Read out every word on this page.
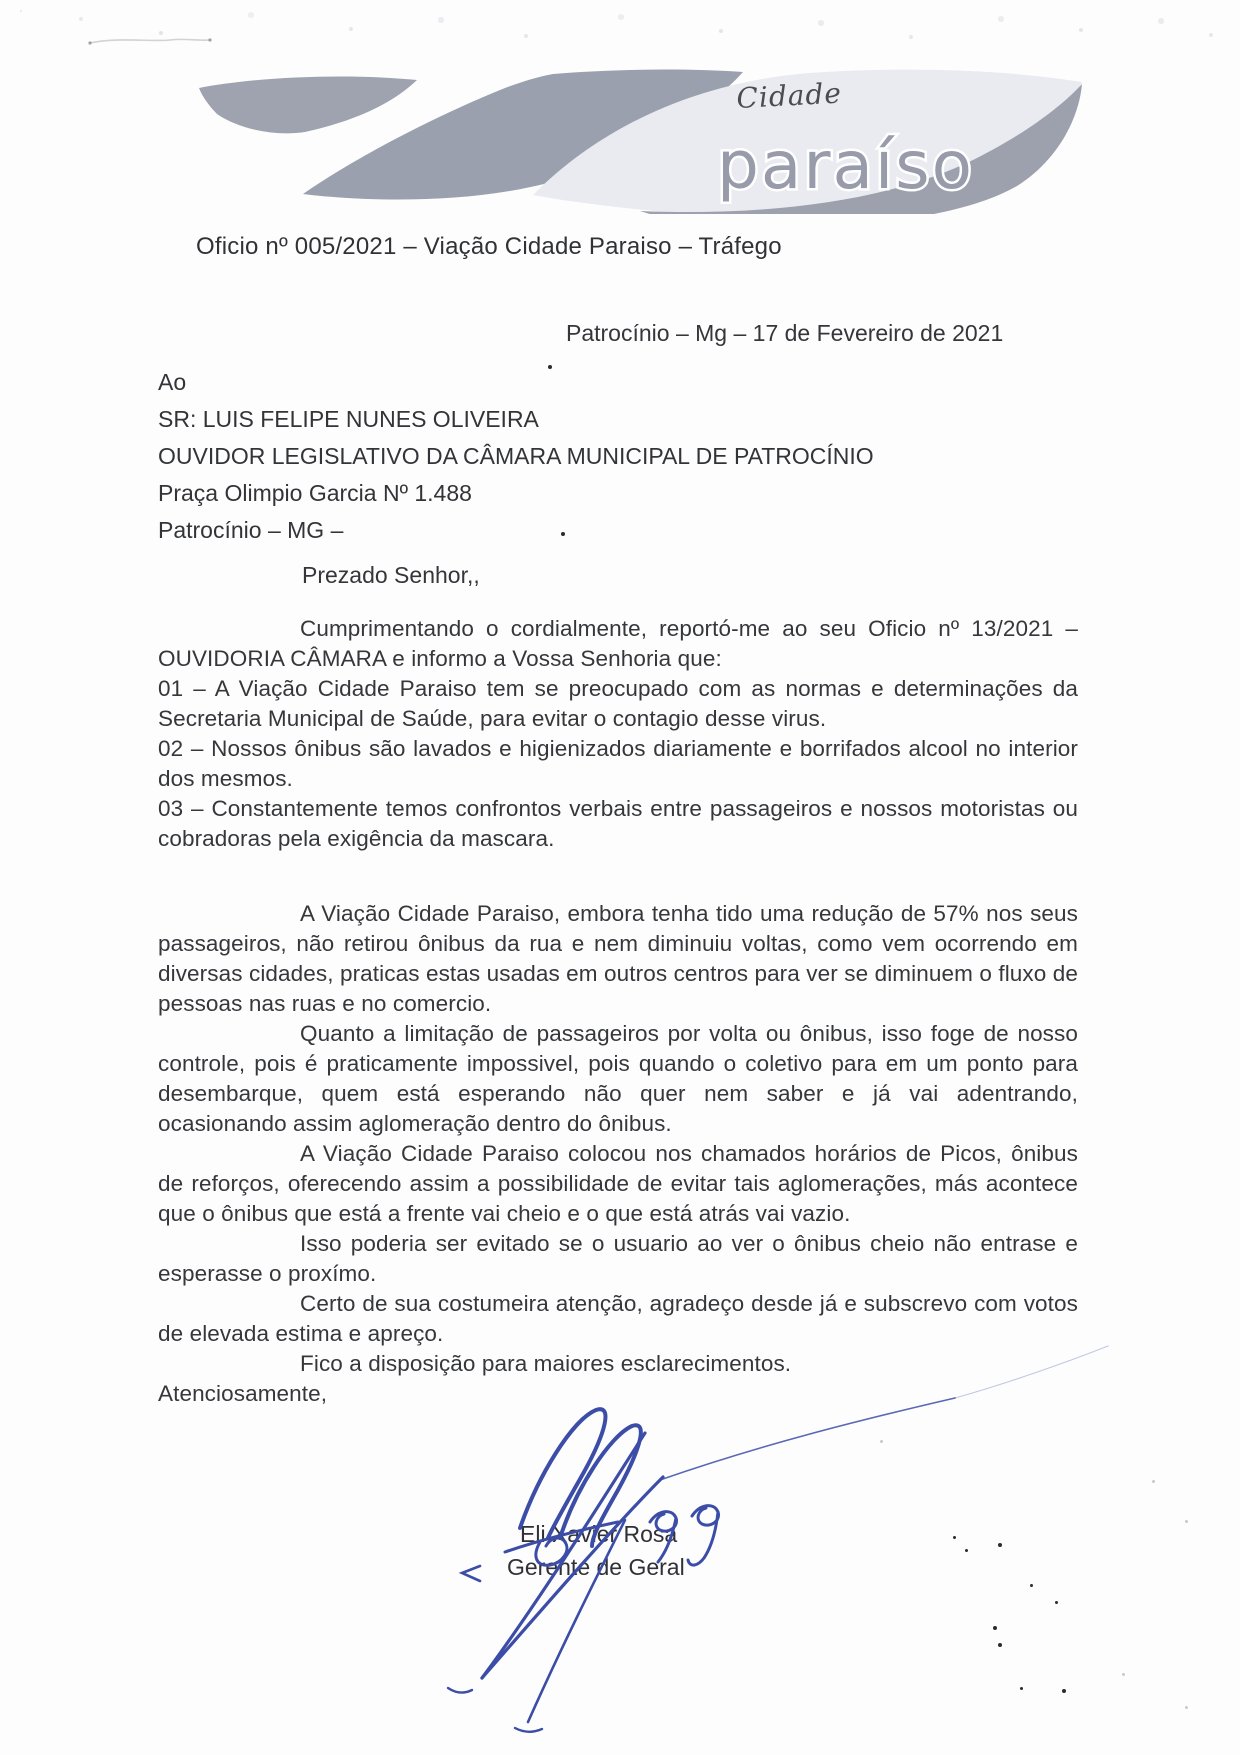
Cidade
paraíso
Oficio nº 005/2021 – Viação Cidade Paraiso – Tráfego
Patrocínio – Mg – 17 de Fevereiro de 2021
Ao
SR: LUIS FELIPE NUNES OLIVEIRA
OUVIDOR LEGISLATIVO DA CÂMARA MUNICIPAL DE PATROCÍNIO
Praça Olimpio Garcia Nº 1.488
Patrocínio – MG –
Prezado Senhor,,

Cumprimentando o cordialmente, reportó-me ao seu Oficio nº 13/2021 – OUVIDORIA CÂMARA e informo a Vossa Senhoria que:

01 – A Viação Cidade Paraiso tem se preocupado com as normas e determinações da Secretaria Municipal de Saúde, para evitar o contagio desse virus.

02 – Nossos ônibus são lavados e higienizados diariamente e borrifados alcool no interior dos mesmos.

03 – Constantemente temos confrontos verbais entre passageiros e nossos motoristas ou cobradoras pela exigência da mascara.

A Viação Cidade Paraiso, embora tenha tido uma redução de 57% nos seus passageiros, não retirou ônibus da rua e nem diminuiu voltas, como vem ocorrendo em diversas cidades, praticas estas usadas em outros centros para ver se diminuem o fluxo de pessoas nas ruas e no comercio.

Quanto a limitação de passageiros por volta ou ônibus, isso foge de nosso controle, pois é praticamente impossivel, pois quando o coletivo para em um ponto para desembarque, quem está esperando não quer nem saber e já vai adentrando, ocasionando assim aglomeração dentro do ônibus.

A Viação Cidade Paraiso colocou nos chamados horários de Picos, ônibus de reforços, oferecendo assim a possibilidade de evitar tais aglomerações, más acontece que o ônibus que está a frente vai cheio e o que está atrás vai vazio.

Isso poderia ser evitado se o usuario ao ver o ônibus cheio não entrase e esperasse o proxímo.

Certo de sua costumeira atenção, agradeço desde já e subscrevo com votos de elevada estima e apreço.

Fico a disposição para maiores esclarecimentos.

Atenciosamente,

Eli Xavier Rosa
Gerente de Geral
